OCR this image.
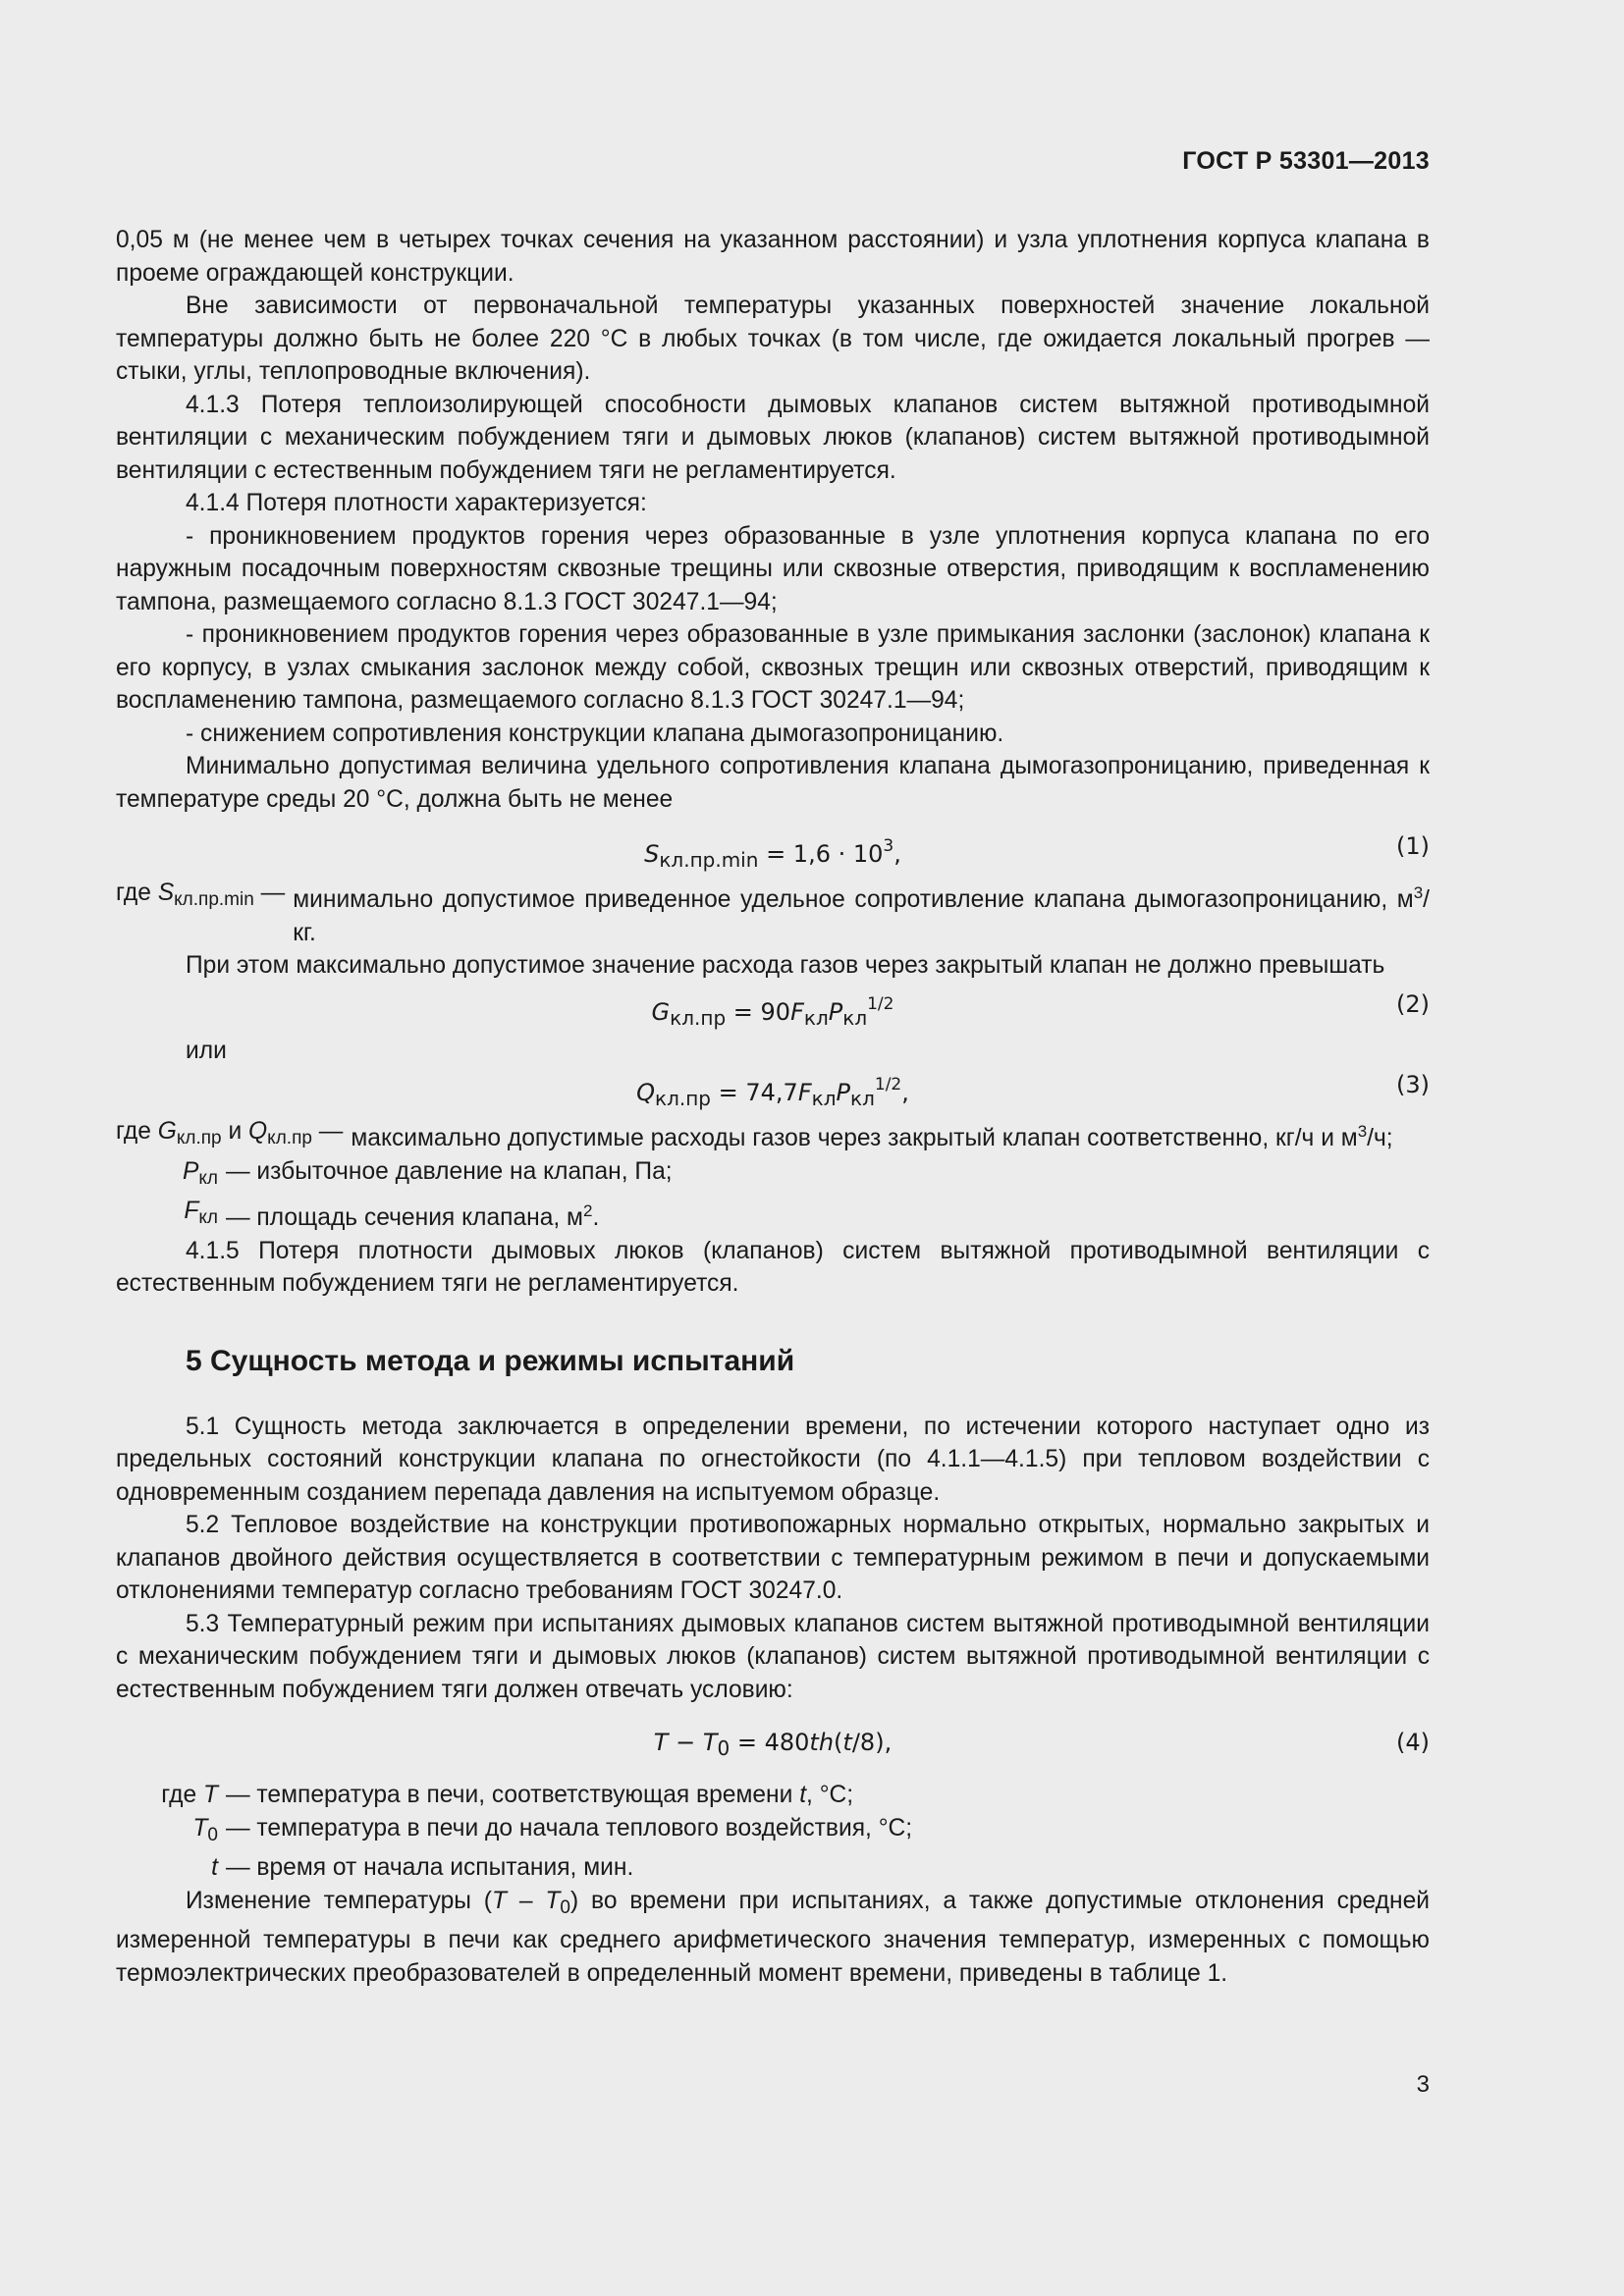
ГОСТ Р 53301—2013

0,05 м (не менее чем в четырех точках сечения на указанном расстоянии) и узла уплотнения корпуса клапана в проеме ограждающей конструкции.

Вне зависимости от первоначальной температуры указанных поверхностей значение локальной температуры должно быть не более 220 °С в любых точках (в том числе, где ожидается локальный прогрев — стыки, углы, теплопроводные включения).

4.1.3 Потеря теплоизолирующей способности дымовых клапанов систем вытяжной противодымной вентиляции с механическим побуждением тяги и дымовых люков (клапанов) систем вытяжной противодымной вентиляции с естественным побуждением тяги не регламентируется.

4.1.4 Потеря плотности характеризуется:

- проникновением продуктов горения через образованные в узле уплотнения корпуса клапана по его наружным посадочным поверхностям сквозные трещины или сквозные отверстия, приводящим к воспламенению тампона, размещаемого согласно 8.1.3 ГОСТ 30247.1—94;

- проникновением продуктов горения через образованные в узле примыкания заслонки (заслонок) клапана к его корпусу, в узлах смыкания заслонок между собой, сквозных трещин или сквозных отверстий, приводящим к воспламенению тампона, размещаемого согласно 8.1.3 ГОСТ 30247.1—94;

- снижением сопротивления конструкции клапана дымогазопроницанию.

Минимально допустимая величина удельного сопротивления клапана дымогазопроницанию, приведенная к температуре среды 20 °С, должна быть не менее

$S_{кл.пр.min} = 1,6 \cdot 10^3$,	(1)
где $S_{кл.пр.min}$ — минимально допустимое приведенное удельное сопротивление клапана дымогазопроницанию, $м^3/кг$.

При этом максимально допустимое значение расхода газов через закрытый клапан не должно превышать

$G_{кл.пр} = 90F_{кл}P_{кл}^{1/2}$	(2)

или

$Q_{кл.пр} = 74,7F_{кл}P_{кл}^{1/2}$,	(3)
где $G_{кл.пр}$ и $Q_{кл.пр}$ — максимально допустимые расходы газов через закрытый клапан соответственно, кг/ч и $м^3/ч$;
$P_{кл}$ — избыточное давление на клапан, Па;
$F_{кл}$ — площадь сечения клапана, $м^2$.

4.1.5 Потеря плотности дымовых люков (клапанов) систем вытяжной противодымной вентиляции с естественным побуждением тяги не регламентируется.

5 Сущность метода и режимы испытаний

5.1 Сущность метода заключается в определении времени, по истечении которого наступает одно из предельных состояний конструкции клапана по огнестойкости (по 4.1.1—4.1.5) при тепловом воздействии с одновременным созданием перепада давления на испытуемом образце.

5.2 Тепловое воздействие на конструкции противопожарных нормально открытых, нормально закрытых и клапанов двойного действия осуществляется в соответствии с температурным режимом в печи и допускаемыми отклонениями температур согласно требованиям ГОСТ 30247.0.

5.3 Температурный режим при испытаниях дымовых клапанов систем вытяжной противодымной вентиляции с механическим побуждением тяги и дымовых люков (клапанов) систем вытяжной противодымной вентиляции с естественным побуждением тяги должен отвечать условию:

$T - T_0 = 480th(t/8)$,	(4)
где T — температура в печи, соответствующая времени t, °С;
$T_0$ — температура в печи до начала теплового воздействия, °С;
t — время от начала испытания, мин.

Изменение температуры $(T - T_0)$ во времени при испытаниях, а также допустимые отклонения средней измеренной температуры в печи как среднего арифметического значения температур, измеренных с помощью термоэлектрических преобразователей в определенный момент времени, приведены в таблице 1.

3
